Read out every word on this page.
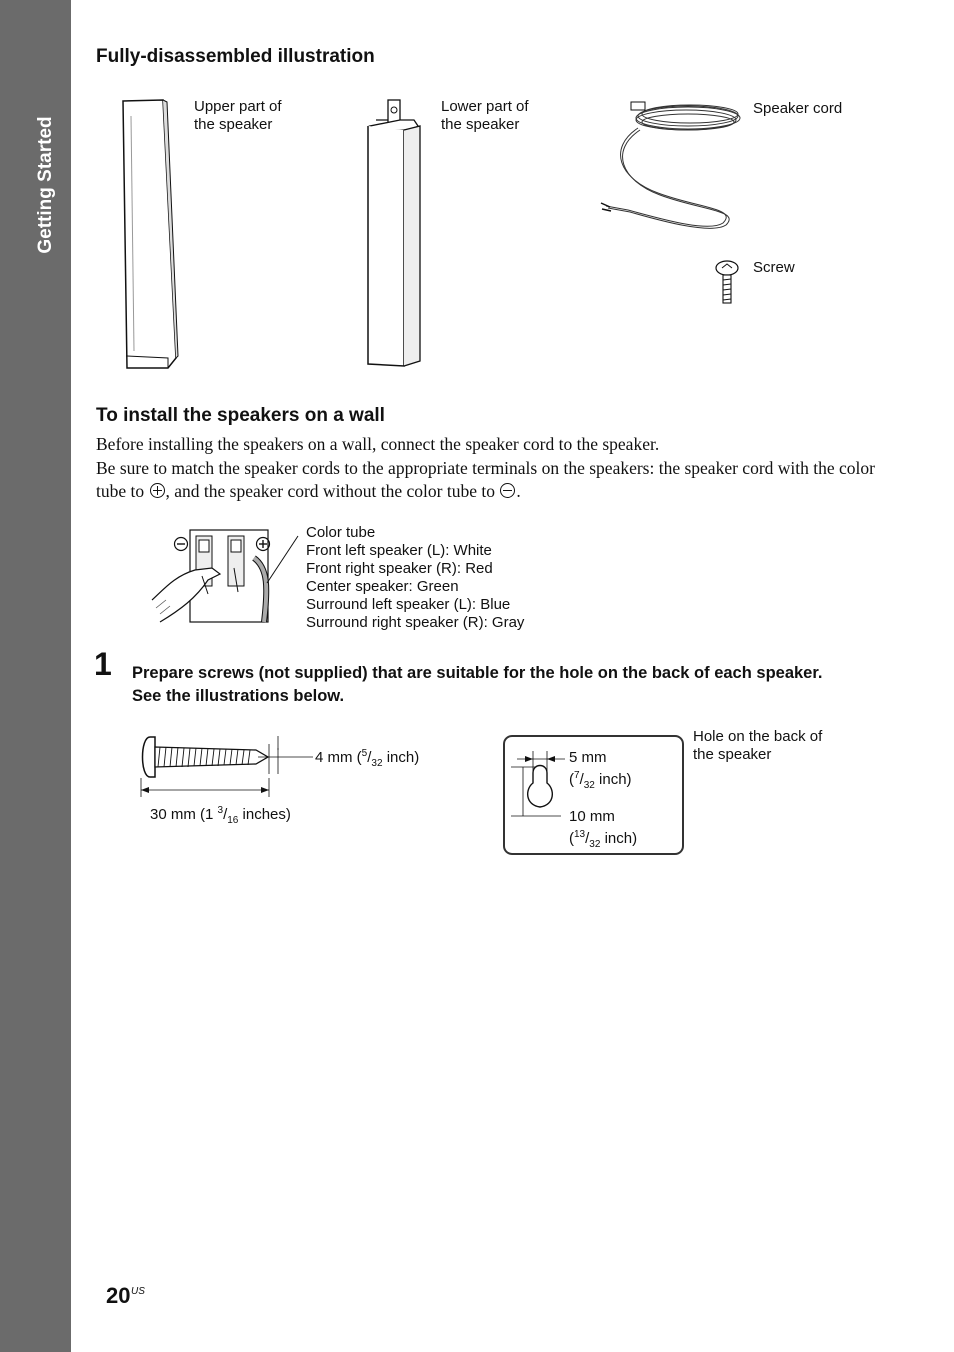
Getting Started
Fully-disassembled illustration
Upper part of
the speaker
Lower part of
the speaker
Speaker cord
Screw
To install the speakers on a wall
Before installing the speakers on a wall, connect the speaker cord to the speaker.
Be sure to match the speaker cords to the appropriate terminals on the speakers: the speaker cord with the color tube to , and the speaker cord without the color tube to .
Color tube
Front left speaker (L): White
Front right speaker (R): Red
Center speaker: Green
Surround left speaker (L): Blue
Surround right speaker (R): Gray
1 Prepare screws (not supplied) that are suitable for the hole on the back of each speaker.
See the illustrations below.
4 mm ($^5/_{32}$ inch)
30 mm (1 $^3/_{16}$ inches)
5 mm
($^7/_{32}$ inch)
10 mm
($^{13}/_{32}$ inch)
Hole on the back of
the speaker
20 US
